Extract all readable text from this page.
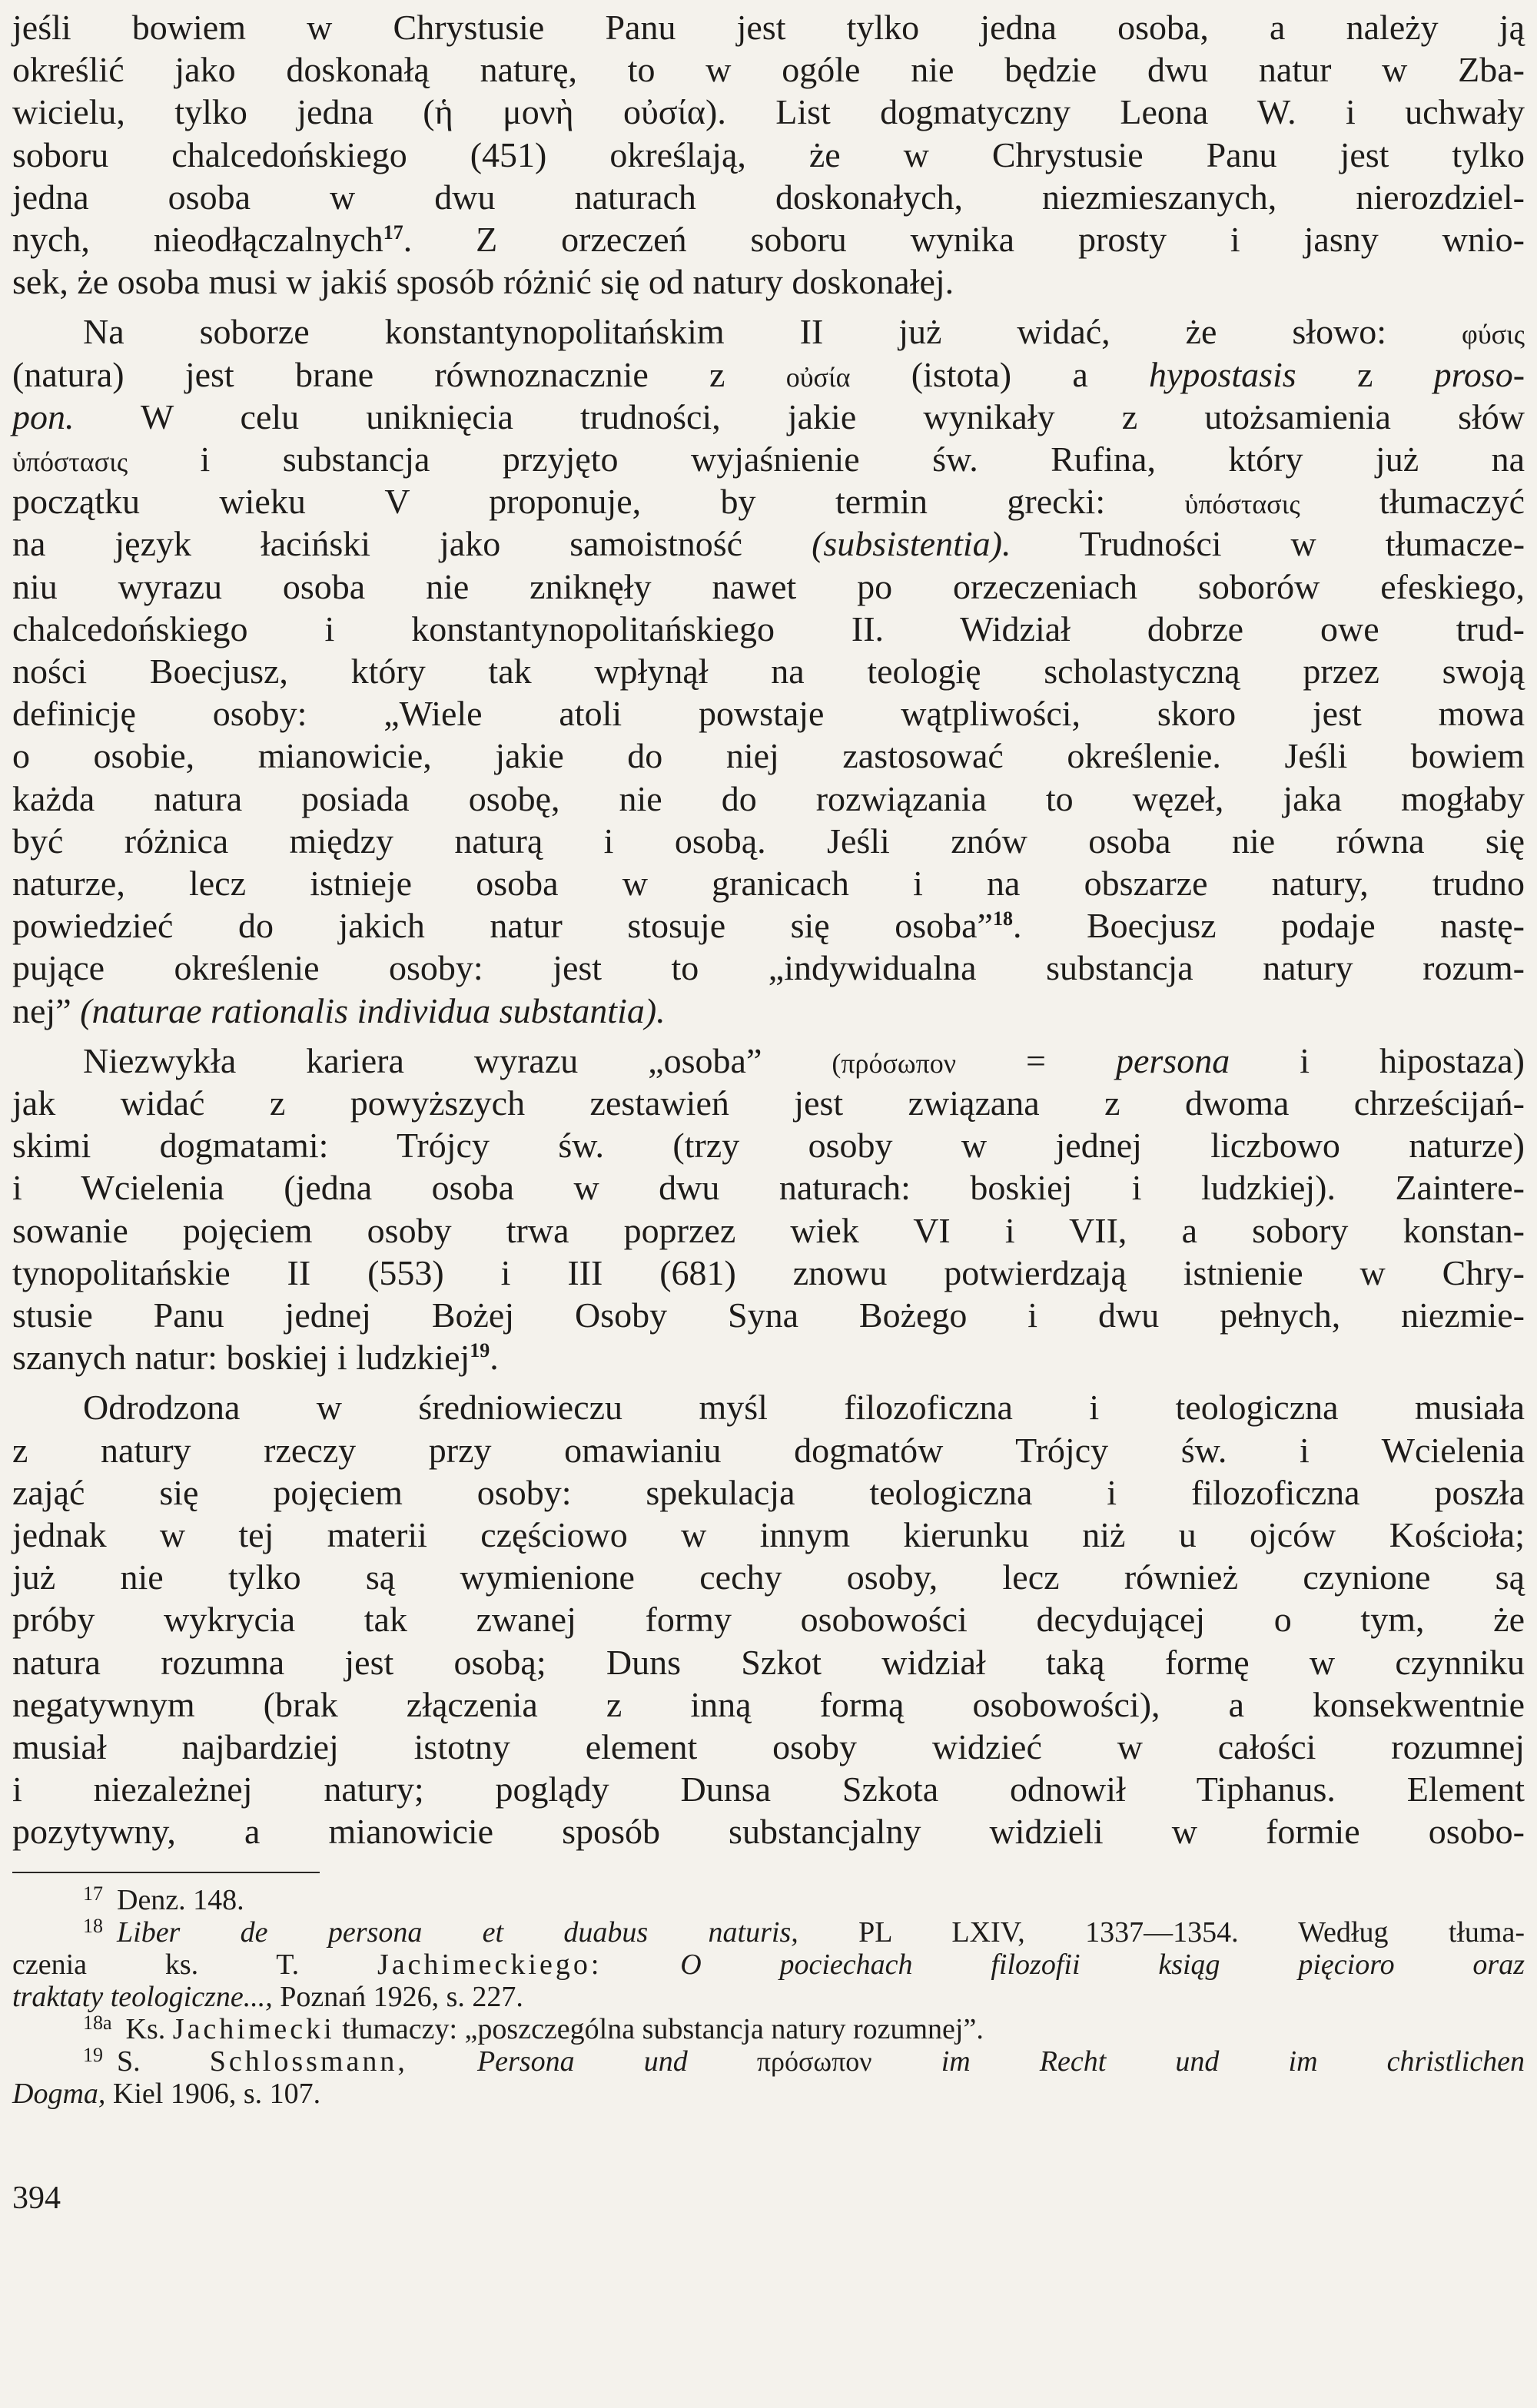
jeśli bowiem w Chrystusie Panu jest tylko jedna osoba, a należy ją
określić jako doskonałą naturę, to w ogóle nie będzie dwu natur w Zba-
wicielu, tylko jedna (ἡ μονὴ οὐσία). List dogmatyczny Leona W. i uchwały
soboru chalcedońskiego (451) określają, że w Chrystusie Panu jest tylko
jedna osoba w dwu naturach doskonałych, niezmieszanych, nierozdziel-
nych, nieodłączalnych$^{17}$. Z orzeczeń soboru wynika prosty i jasny wnio-
sek, że osoba musi w jakiś sposób różnić się od natury doskonałej.
Na soborze konstantynopolitańskim II już widać, że słowo:	φύσις
(natura) jest brane równoznacznie z οὐσία (istota) a hypostasis z proso-
pon. W celu uniknięcia trudności, jakie wynikały z utożsamienia słów
ὑπόστασις i substancja przyjęto wyjaśnienie św. Rufina, który już na
początku wieku V proponuje, by termin grecki:	ὑπόστασις tłumaczyć
na język łaciński jako samoistność (subsistentia). Trudności w tłumacze-
niu wyrazu osoba nie zniknęły nawet po orzeczeniach soborów efeskiego,
chalcedońskiego i konstantynopolitańskiego II. Widział dobrze owe trud-
ności Boecjusz, który tak wpłynął na teologię scholastyczną przez swoją
definicję osoby: „Wiele atoli powstaje wątpliwości, skoro jest mowa
o osobie, mianowicie, jakie do niej zastosować określenie. Jeśli bowiem
każda natura posiada osobę, nie do rozwiązania to węzeł, jaka mogłaby
być różnica między naturą i osobą. Jeśli znów osoba nie równa się
naturze, lecz istnieje osoba w granicach i na obszarze natury, trudno
powiedzieć do jakich natur stosuje się osoba”$^{18}$. Boecjusz podaje nastę-
pujące określenie osoby: jest to „indywidualna substancja natury rozum-
nej” (naturae rationalis individua substantia).
Niezwykła kariera wyrazu „osoba”	(πρόσωπον = persona i hipostaza)
jak widać z powyższych zestawień jest związana z dwoma chrześcijań-
skimi dogmatami: Trójcy św. (trzy osoby w jednej liczbowo naturze)
i Wcielenia (jedna osoba w dwu naturach: boskiej i ludzkiej). Zaintere-
sowanie pojęciem osoby trwa poprzez wiek VI i VII, a sobory konstan-
tynopolitańskie II (553) i III (681) znowu potwierdzają istnienie w Chry-
stusie Panu jednej Bożej Osoby Syna Bożego i dwu pełnych, niezmie-
szanych natur: boskiej i ludzkiej$^{19}$.
Odrodzona w średniowieczu myśl filozoficzna i teologiczna musiała
z natury rzeczy przy omawianiu dogmatów Trójcy św. i Wcielenia
zająć się pojęciem osoby: spekulacja teologiczna i filozoficzna poszła
jednak w tej materii częściowo w innym kierunku niż u ojców Kościoła;
już nie tylko są wymienione cechy osoby, lecz również czynione są
próby wykrycia tak zwanej formy osobowości decydującej o tym, że
natura rozumna jest osobą; Duns Szkot widział taką formę w czynniku
negatywnym (brak złączenia z inną formą osobowości), a konsekwentnie
musiał najbardziej istotny element osoby widzieć w całości rozumnej
i niezależnej natury; poglądy Dunsa Szkota odnowił Tiphanus. Element
pozytywny, a mianowicie sposób substancjalny widzieli w formie osobo-
$^{17}$ Denz. 148.
$^{18}$ Liber de persona et duabus naturis, PL LXIV, 1337—1354. Według tłuma-
czenia ks. T.	Jachimeckiego:	O pociechach filozofii ksiąg pięcioro oraz
traktaty teologiczne..., Poznań 1926, s. 227.
$^{18a}$ Ks. Jachimecki tłumaczy: „poszczególna substancja natury rozumnej”.
$^{19}$ S. Schlossmann, Persona und	πρόσωπον im Recht und im christlichen
Dogma, Kiel 1906, s. 107.
394
